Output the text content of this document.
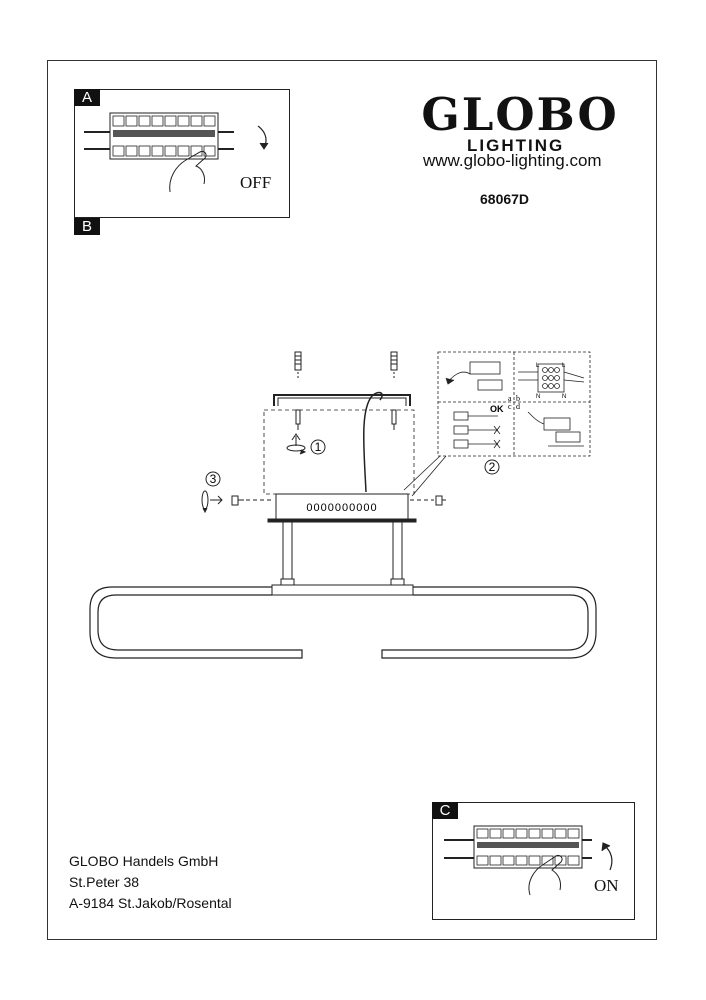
A
OFF
B
C
ON
GLOBO
LIGHTING
www.globo-lighting.com
68067D
GLOBO Handels GmbH
St.Peter 38
A-9184 St.Jakob/Rosental
1
0000000000
3
L	L
N	N
OK
a b
c d
2
